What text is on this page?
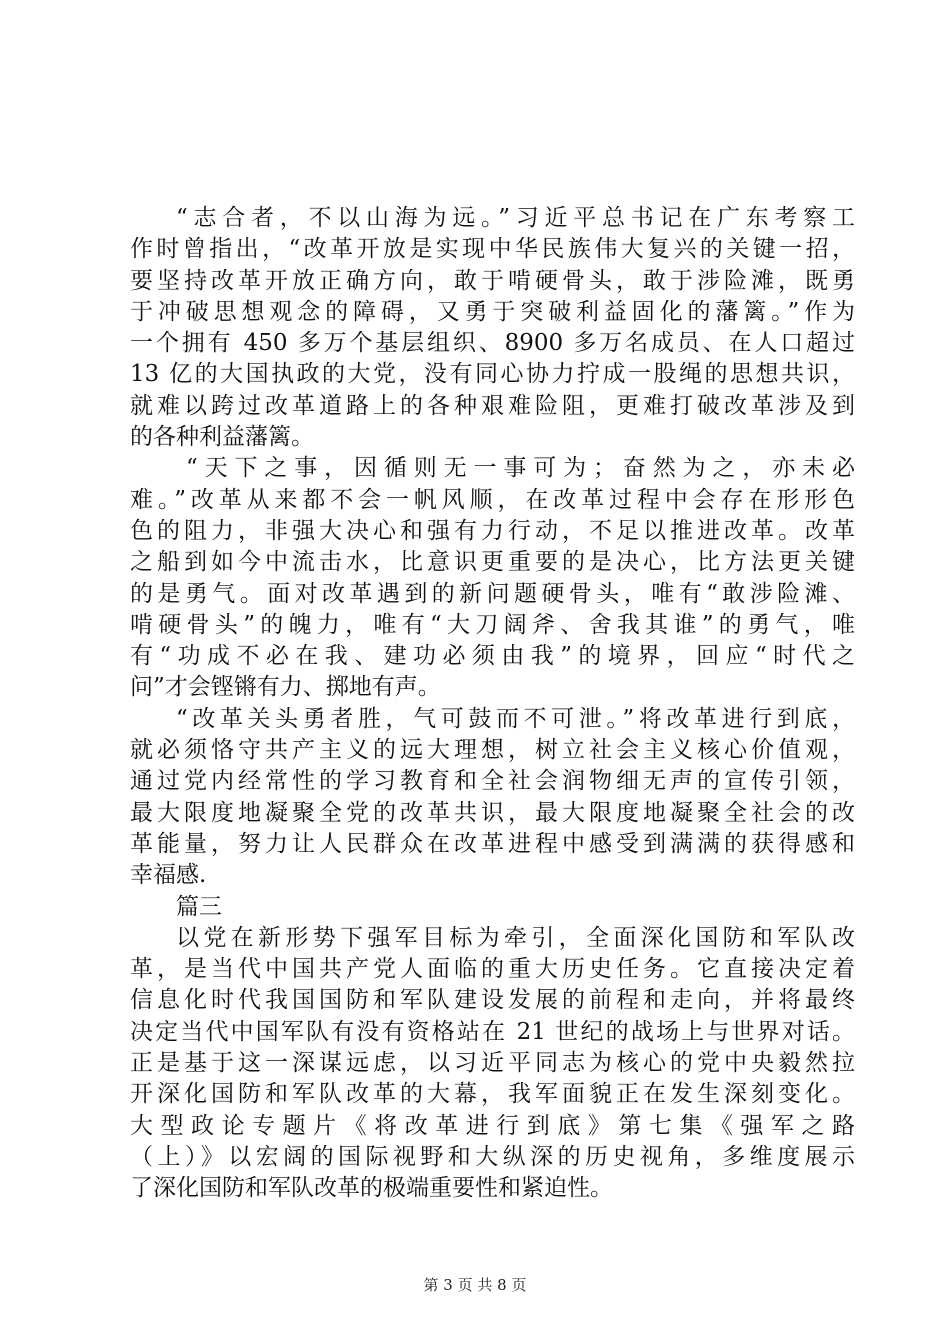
“志合者，不以山海为远。”习近平总书记在广东考察工
作时曾指出，“改革开放是实现中华民族伟大复兴的关键一招，
要坚持改革开放正确方向，敢于啃硬骨头，敢于涉险滩，既勇
于冲破思想观念的障碍，又勇于突破利益固化的藩篱。”作为
一个拥有 450 多万个基层组织、8900 多万名成员、在人口超过
13 亿的大国执政的大党，没有同心协力拧成一股绳的思想共识，
就难以跨过改革道路上的各种艰难险阻，更难打破改革涉及到
的各种利益藩篱。
“天下之事，因循则无一事可为；奋然为之，亦未必
难。”改革从来都不会一帆风顺，在改革过程中会存在形形色
色的阻力，非强大决心和强有力行动，不足以推进改革。改革
之船到如今中流击水，比意识更重要的是决心，比方法更关键
的是勇气。面对改革遇到的新问题硬骨头，唯有“敢涉险滩、
啃硬骨头”的魄力，唯有“大刀阔斧、舍我其谁”的勇气，唯
有“功成不必在我、建功必须由我”的境界，回应“时代之
问”才会铿锵有力、掷地有声。
“改革关头勇者胜，气可鼓而不可泄。”将改革进行到底，
就必须恪守共产主义的远大理想，树立社会主义核心价值观，
通过党内经常性的学习教育和全社会润物细无声的宣传引领，
最大限度地凝聚全党的改革共识，最大限度地凝聚全社会的改
革能量，努力让人民群众在改革进程中感受到满满的获得感和
幸福感.
篇三
以党在新形势下强军目标为牵引，全面深化国防和军队改
革，是当代中国共产党人面临的重大历史任务。它直接决定着
信息化时代我国国防和军队建设发展的前程和走向，并将最终
决定当代中国军队有没有资格站在 21 世纪的战场上与世界对话。
正是基于这一深谋远虑，以习近平同志为核心的党中央毅然拉
开深化国防和军队改革的大幕，我军面貌正在发生深刻变化。
大型政论专题片《将改革进行到底》第七集《强军之路
（上）》以宏阔的国际视野和大纵深的历史视角，多维度展示
了深化国防和军队改革的极端重要性和紧迫性。
第 3 页 共 8 页
